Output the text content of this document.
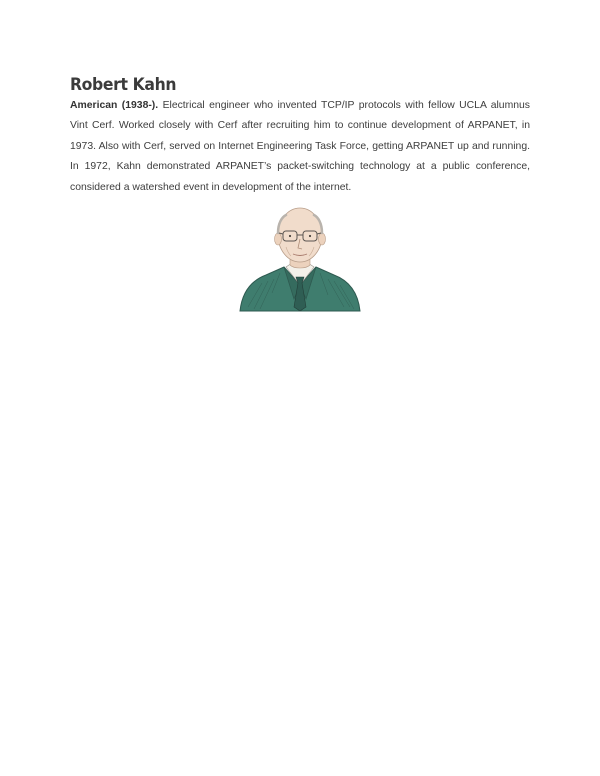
Robert Kahn

American (1938-). Electrical engineer who invented TCP/IP protocols with fellow UCLA alumnus Vint Cerf. Worked closely with Cerf after recruiting him to continue development of ARPANET, in 1973. Also with Cerf, served on Internet Engineering Task Force, getting ARPANET up and running. In 1972, Kahn demonstrated ARPANET’s packet-switching technology at a public conference, considered a watershed event in development of the internet.
